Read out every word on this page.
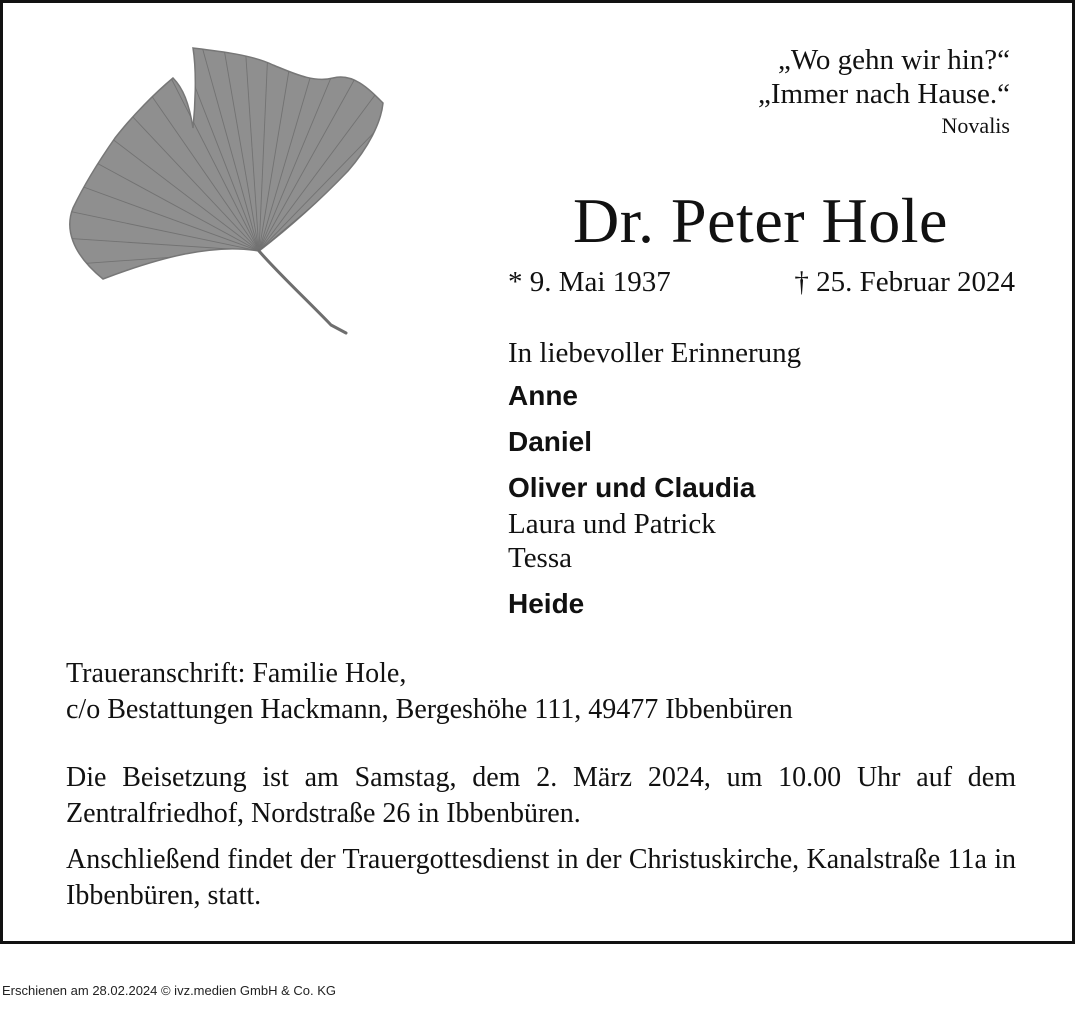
„Wo gehn wir hin?“
„Immer nach Hause.“
Novalis
Dr. Peter Hole
* 9. Mai 1937	† 25. Februar 2024
In liebevoller Erinnerung
Anne
Daniel
Oliver und Claudia
Laura und Patrick
Tessa
Heide
Traueranschrift: Familie Hole,
c/o Bestattungen Hackmann, Bergeshöhe 111, 49477 Ibbenbüren

Die Beisetzung ist am Samstag, dem 2. März 2024, um 10.00 Uhr auf dem Zentralfriedhof, Nordstraße 26 in Ibbenbüren.

Anschließend findet der Trauergottesdienst in der Christuskirche, Kanalstraße 11a in Ibbenbüren, statt.

Erschienen am 28.02.2024 © ivz.medien GmbH & Co. KG
